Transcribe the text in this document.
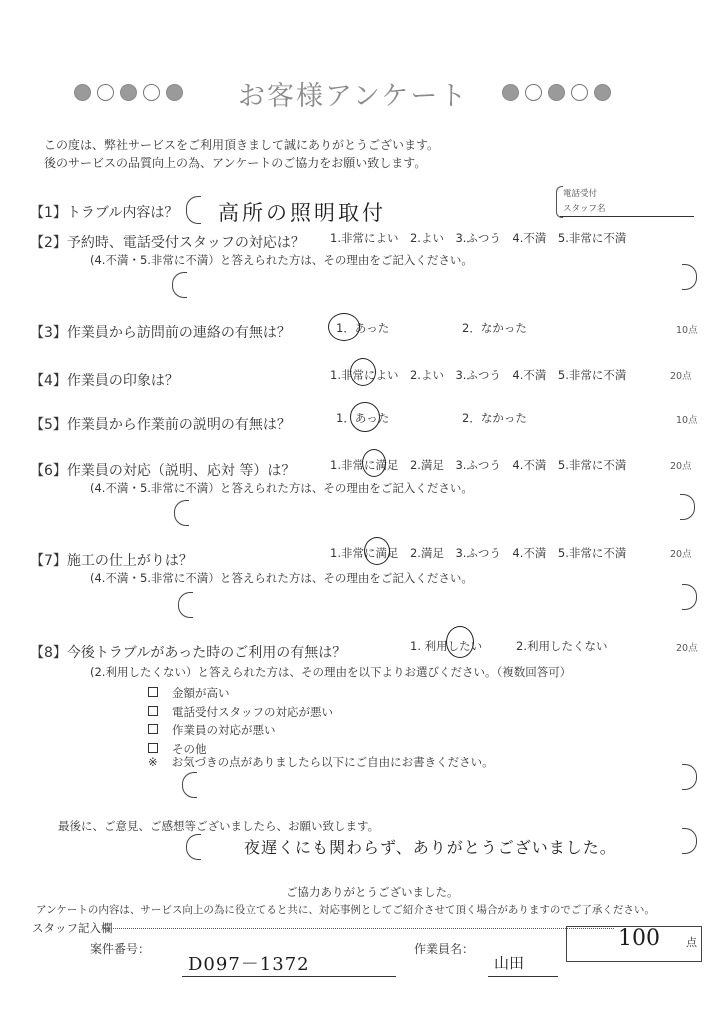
お客様アンケート
この度は、弊社サービスをご利用頂きまして誠にありがとうございます。
後のサービスの品質向上の為、アンケートのご協力をお願い致します。
電話受付
スタッフ名
【1】トラブル内容は？ 高所の照明取付
【2】予約時、電話受付スタッフの対応は？ 1.非常によい　2.よい　3.ふつう　4.不満　5.非常に不満
(4.不満・5.非常に不満）と答えられた方は、その理由をご記入ください。
【3】作業員から訪問前の連絡の有無は？	1．あった	2．なかった	10点
【4】作業員の印象は？	1.非常によい　2.よい　3.ふつう　4.不満　5.非常に不満	20点
【5】作業員から作業前の説明の有無は？	1．あった	2．なかった	10点
【6】作業員の対応（説明、応対 等）は？	1.非常に満足　2.満足　3.ふつう　4.不満　5.非常に不満	20点
(4.不満・5.非常に不満）と答えられた方は、その理由をご記入ください。
【7】施工の仕上がりは？	1.非常に満足　2.満足　3.ふつう　4.不満　5.非常に不満	20点
(4.不満・5.非常に不満）と答えられた方は、その理由をご記入ください。
【8】今後トラブルがあった時のご利用の有無は？	1. 利用したい	2.利用したくない	20点
(2.利用したくない）と答えられた方は、その理由を以下よりお選びください。（複数回答可）
金額が高い
電話受付スタッフの対応が悪い
作業員の対応が悪い
その他
※ お気づきの点がありましたら以下にご自由にお書きください。
最後に、ご意見、ご感想等ございましたら、お願い致します。
夜遅くにも関わらず、ありがとうございました。
ご協力ありがとうございました。
アンケートの内容は、サービス向上の為に役立てると共に、対応事例としてご紹介させて頂く場合がありますのでご了承ください。
スタッフ記入欄
案件番号：
D097－1372
作業員名：
山田
100 点
